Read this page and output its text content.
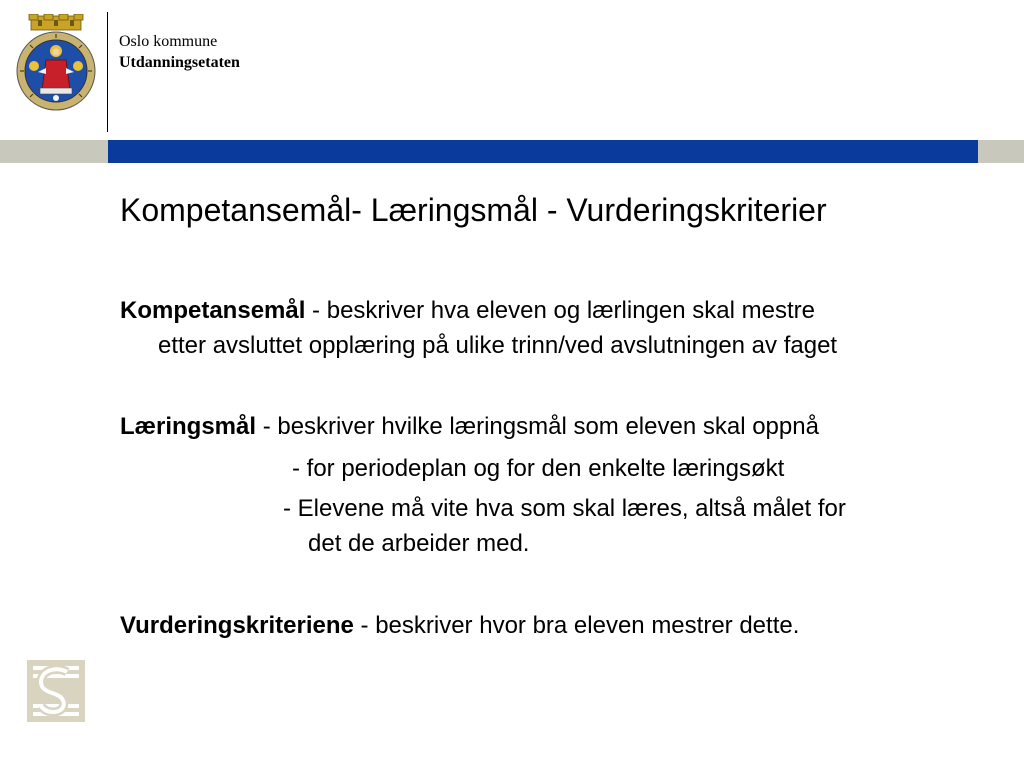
Oslo kommune
Utdanningsetaten
Kompetansemål- Læringsmål - Vurderingskriterier
Kompetansemål - beskriver hva eleven og lærlingen skal mestre
etter avsluttet opplæring på ulike trinn/ved avslutningen av faget
Læringsmål - beskriver hvilke læringsmål som eleven skal oppnå
- for periodeplan og for den enkelte læringsøkt
- Elevene må vite hva som skal læres, altså målet for
det de arbeider med.
Vurderingskriteriene - beskriver hvor bra eleven mestrer dette.
